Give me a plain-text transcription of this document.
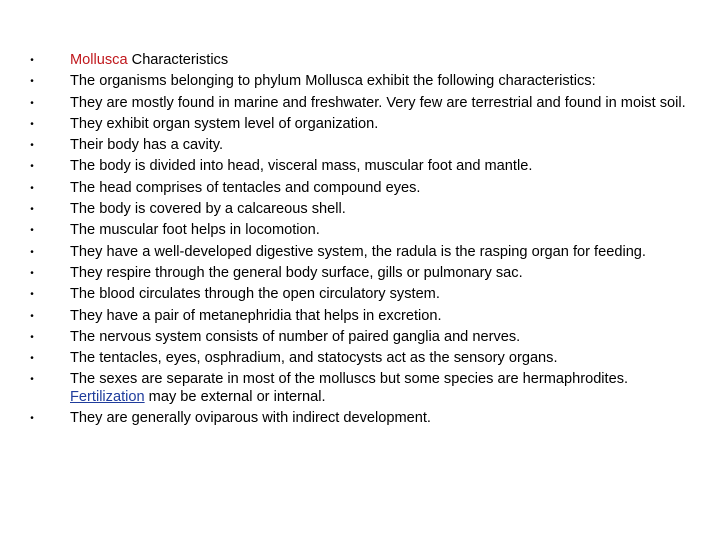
• Mollusca Characteristics
• The organisms belonging to phylum Mollusca exhibit the following characteristics:
• They are mostly found in marine and freshwater. Very few are terrestrial and found in moist soil.
• They exhibit organ system level of organization.
• Their body has a cavity.
• The body is divided into head, visceral mass, muscular foot and mantle.
• The head comprises of tentacles and compound eyes.
• The body is covered by a calcareous shell.
• The muscular foot helps in locomotion.
• They have a well-developed digestive system, the radula is the rasping organ for feeding.
• They respire through the general body surface, gills or pulmonary sac.
• The blood circulates through the open circulatory system.
• They have a pair of metanephridia that helps in excretion.
• The nervous system consists of number of paired ganglia and nerves.
• The tentacles, eyes, osphradium, and statocysts act as the sensory organs.
• The sexes are separate in most of the molluscs but some species are hermaphrodites. Fertilization may be external or internal.
• They are generally oviparous with indirect development.
